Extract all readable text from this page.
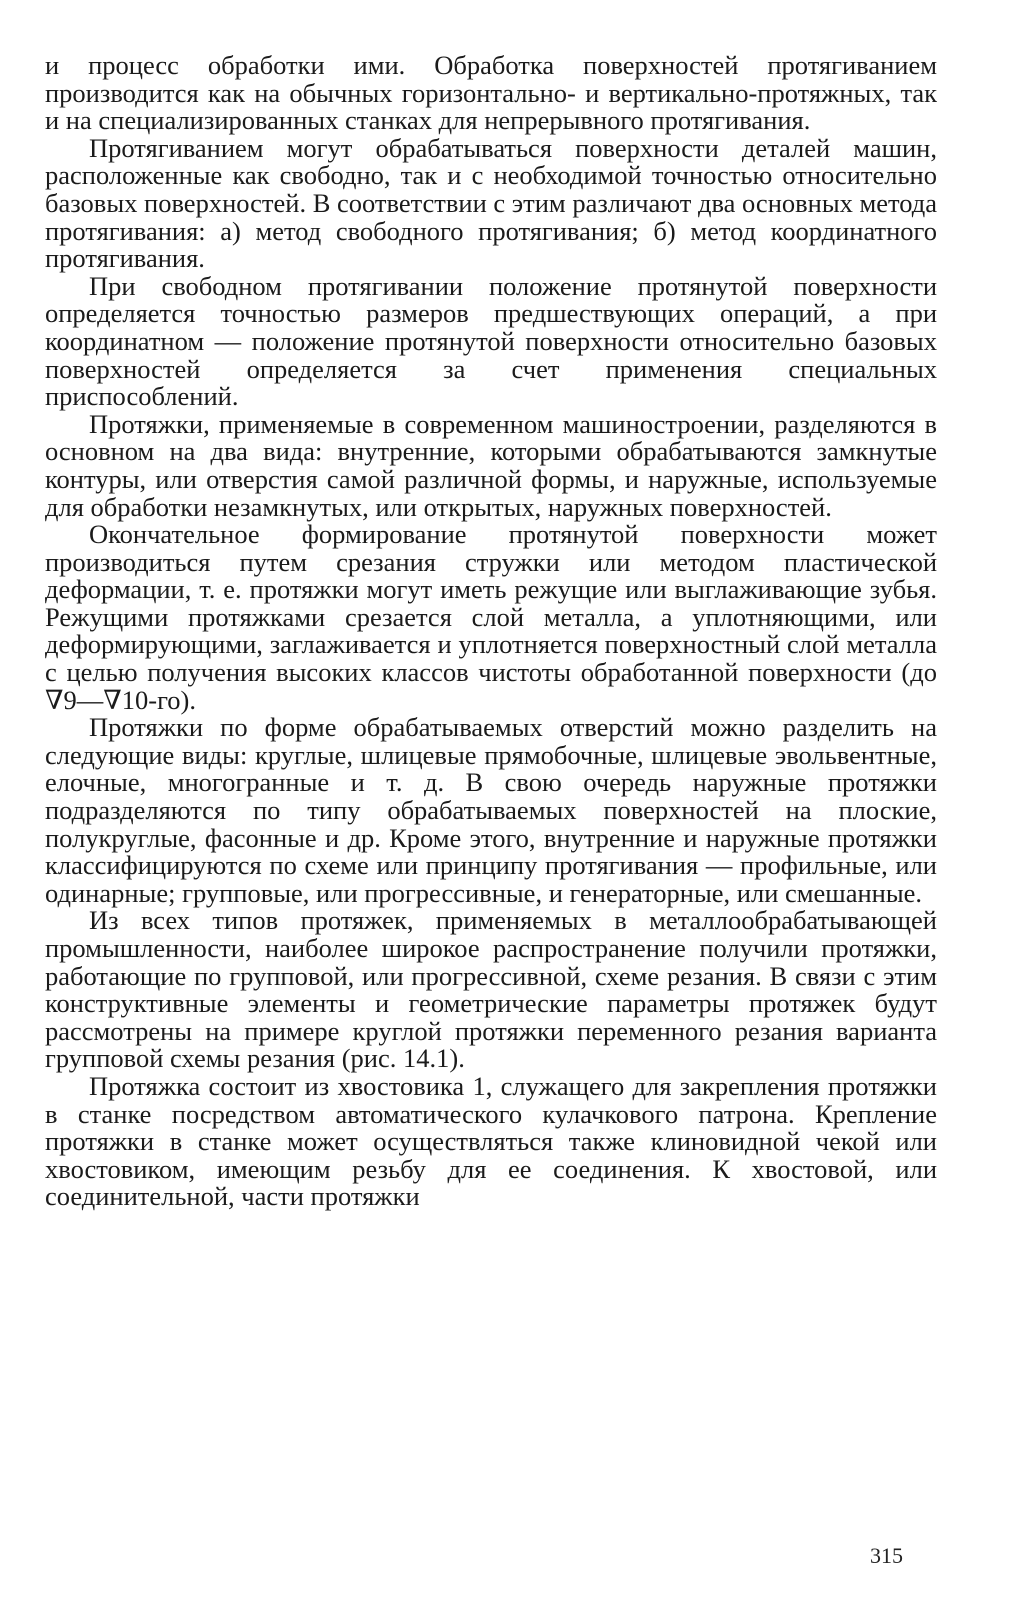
и процесс обработки ими. Обработка поверхностей протягиванием производится как на обычных горизонтально- и вертикально-протяжных, так и на специализированных станках для непрерывного протягивания.

Протягиванием могут обрабатываться поверхности деталей машин, расположенные как свободно, так и с необходимой точностью относительно базовых поверхностей. В соответствии с этим различают два основных метода протягивания: а) метод свободного протягивания; б) метод координатного протягивания.

При свободном протягивании положение протянутой поверхности определяется точностью размеров предшествующих операций, а при координатном — положение протянутой поверхности относительно базовых поверхностей определяется за счет применения специальных приспособлений.

Протяжки, применяемые в современном машиностроении, разделяются в основном на два вида: внутренние, которыми обрабатываются замкнутые контуры, или отверстия самой различной формы, и наружные, используемые для обработки незамкнутых, или открытых, наружных поверхностей.

Окончательное формирование протянутой поверхности может производиться путем срезания стружки или методом пластической деформации, т. е. протяжки могут иметь режущие или выглаживающие зубья. Режущими протяжками срезается слой металла, а уплотняющими, или деформирующими, заглаживается и уплотняется поверхностный слой металла с целью получения высоких классов чистоты обработанной поверхности (до ∇9—∇10-го).

Протяжки по форме обрабатываемых отверстий можно разделить на следующие виды: круглые, шлицевые прямобочные, шлицевые эвольвентные, елочные, многогранные и т. д. В свою очередь наружные протяжки подразделяются по типу обрабатываемых поверхностей на плоские, полукруглые, фасонные и др. Кроме этого, внутренние и наружные протяжки классифицируются по схеме или принципу протягивания — профильные, или одинарные; групповые, или прогрессивные, и генераторные, или смешанные.

Из всех типов протяжек, применяемых в металлообрабатывающей промышленности, наиболее широкое распространение получили протяжки, работающие по групповой, или прогрессивной, схеме резания. В связи с этим конструктивные элементы и геометрические параметры протяжек будут рассмотрены на примере круглой протяжки переменного резания варианта групповой схемы резания (рис. 14.1).

Протяжка состоит из хвостовика 1, служащего для закрепления протяжки в станке посредством автоматического кулачкового патрона. Крепление протяжки в станке может осуществляться также клиновидной чекой или хвостовиком, имеющим резьбу для ее соединения. К хвостовой, или соединительной, части протяжки

315
